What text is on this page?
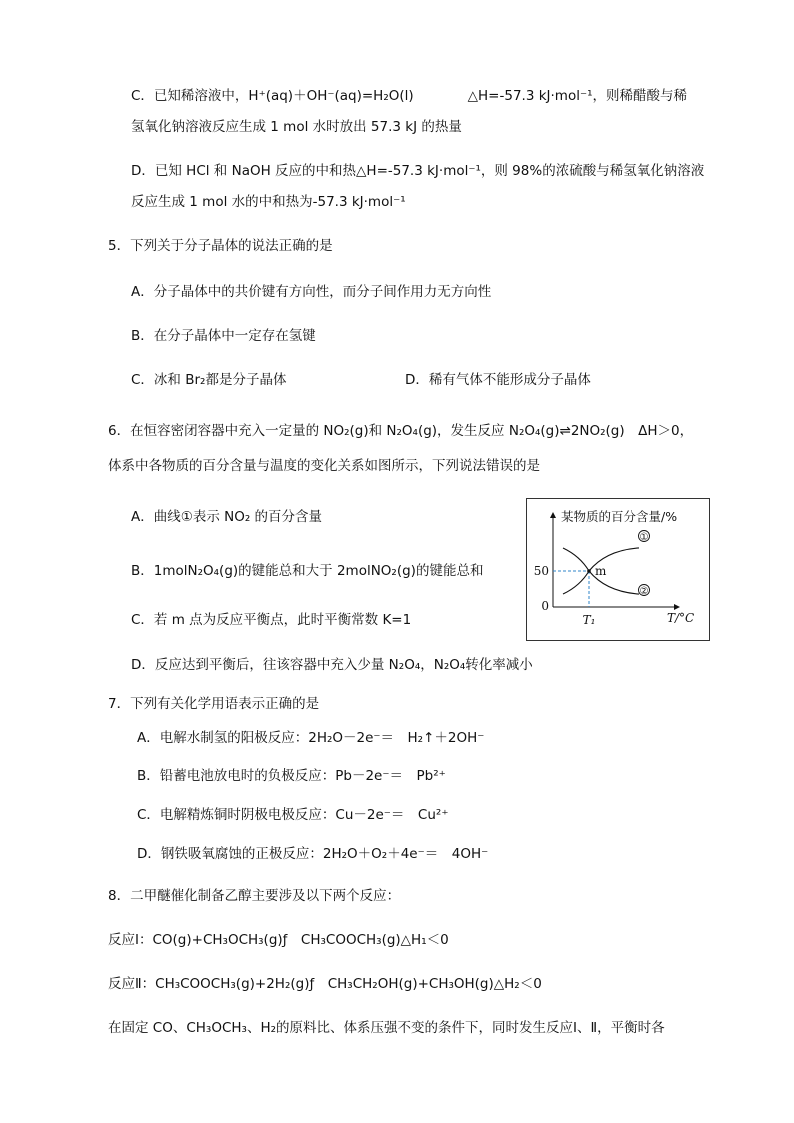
C．已知稀溶液中，H⁺(aq)＋OH⁻(aq)=H₂O(l)　　　　△H=-57.3 kJ·mol⁻¹，则稀醋酸与稀
氢氧化钠溶液反应生成 1 mol 水时放出 57.3 kJ 的热量
D．已知 HCl 和 NaOH 反应的中和热△H=-57.3 kJ·mol⁻¹，则 98%的浓硫酸与稀氢氧化钠溶液
反应生成 1 mol 水的中和热为-57.3 kJ·mol⁻¹
5．下列关于分子晶体的说法正确的是
A．分子晶体中的共价键有方向性，而分子间作用力无方向性
B．在分子晶体中一定存在氢键
C．冰和 Br₂都是分子晶体	D．稀有气体不能形成分子晶体
6．在恒容密闭容器中充入一定量的 NO₂(g)和 N₂O₄(g)，发生反应 N₂O₄(g)⇌2NO₂(g)　ΔH＞0，
体系中各物质的百分含量与温度的变化关系如图所示，下列说法错误的是
A．曲线①表示 NO₂ 的百分含量
B．1molN₂O₄(g)的键能总和大于 2molNO₂(g)的键能总和
C．若 m 点为反应平衡点，此时平衡常数 K=1
D．反应达到平衡后，往该容器中充入少量 N₂O₄，N₂O₄转化率减小
①
②
某物质的百分含量/%
50
0
m
T₁	T/°C
7．下列有关化学用语表示正确的是
A．电解水制氢的阳极反应：2H₂O－2e⁻＝　H₂↑＋2OH⁻
B．铅蓄电池放电时的负极反应：Pb－2e⁻＝　Pb²⁺
C．电解精炼铜时阴极电极反应：Cu－2e⁻＝　Cu²⁺
D．钢铁吸氧腐蚀的正极反应：2H₂O＋O₂＋4e⁻＝　4OH⁻
8．二甲醚催化制备乙醇主要涉及以下两个反应：
反应Ⅰ：CO(g)+CH₃OCH₃(g)ƒ　CH₃COOCH₃(g)△H₁＜0
反应Ⅱ：CH₃COOCH₃(g)+2H₂(g)ƒ　CH₃CH₂OH(g)+CH₃OH(g)△H₂＜0
在固定 CO、CH₃OCH₃、H₂的原料比、体系压强不变的条件下，同时发生反应Ⅰ、Ⅱ，平衡时各
